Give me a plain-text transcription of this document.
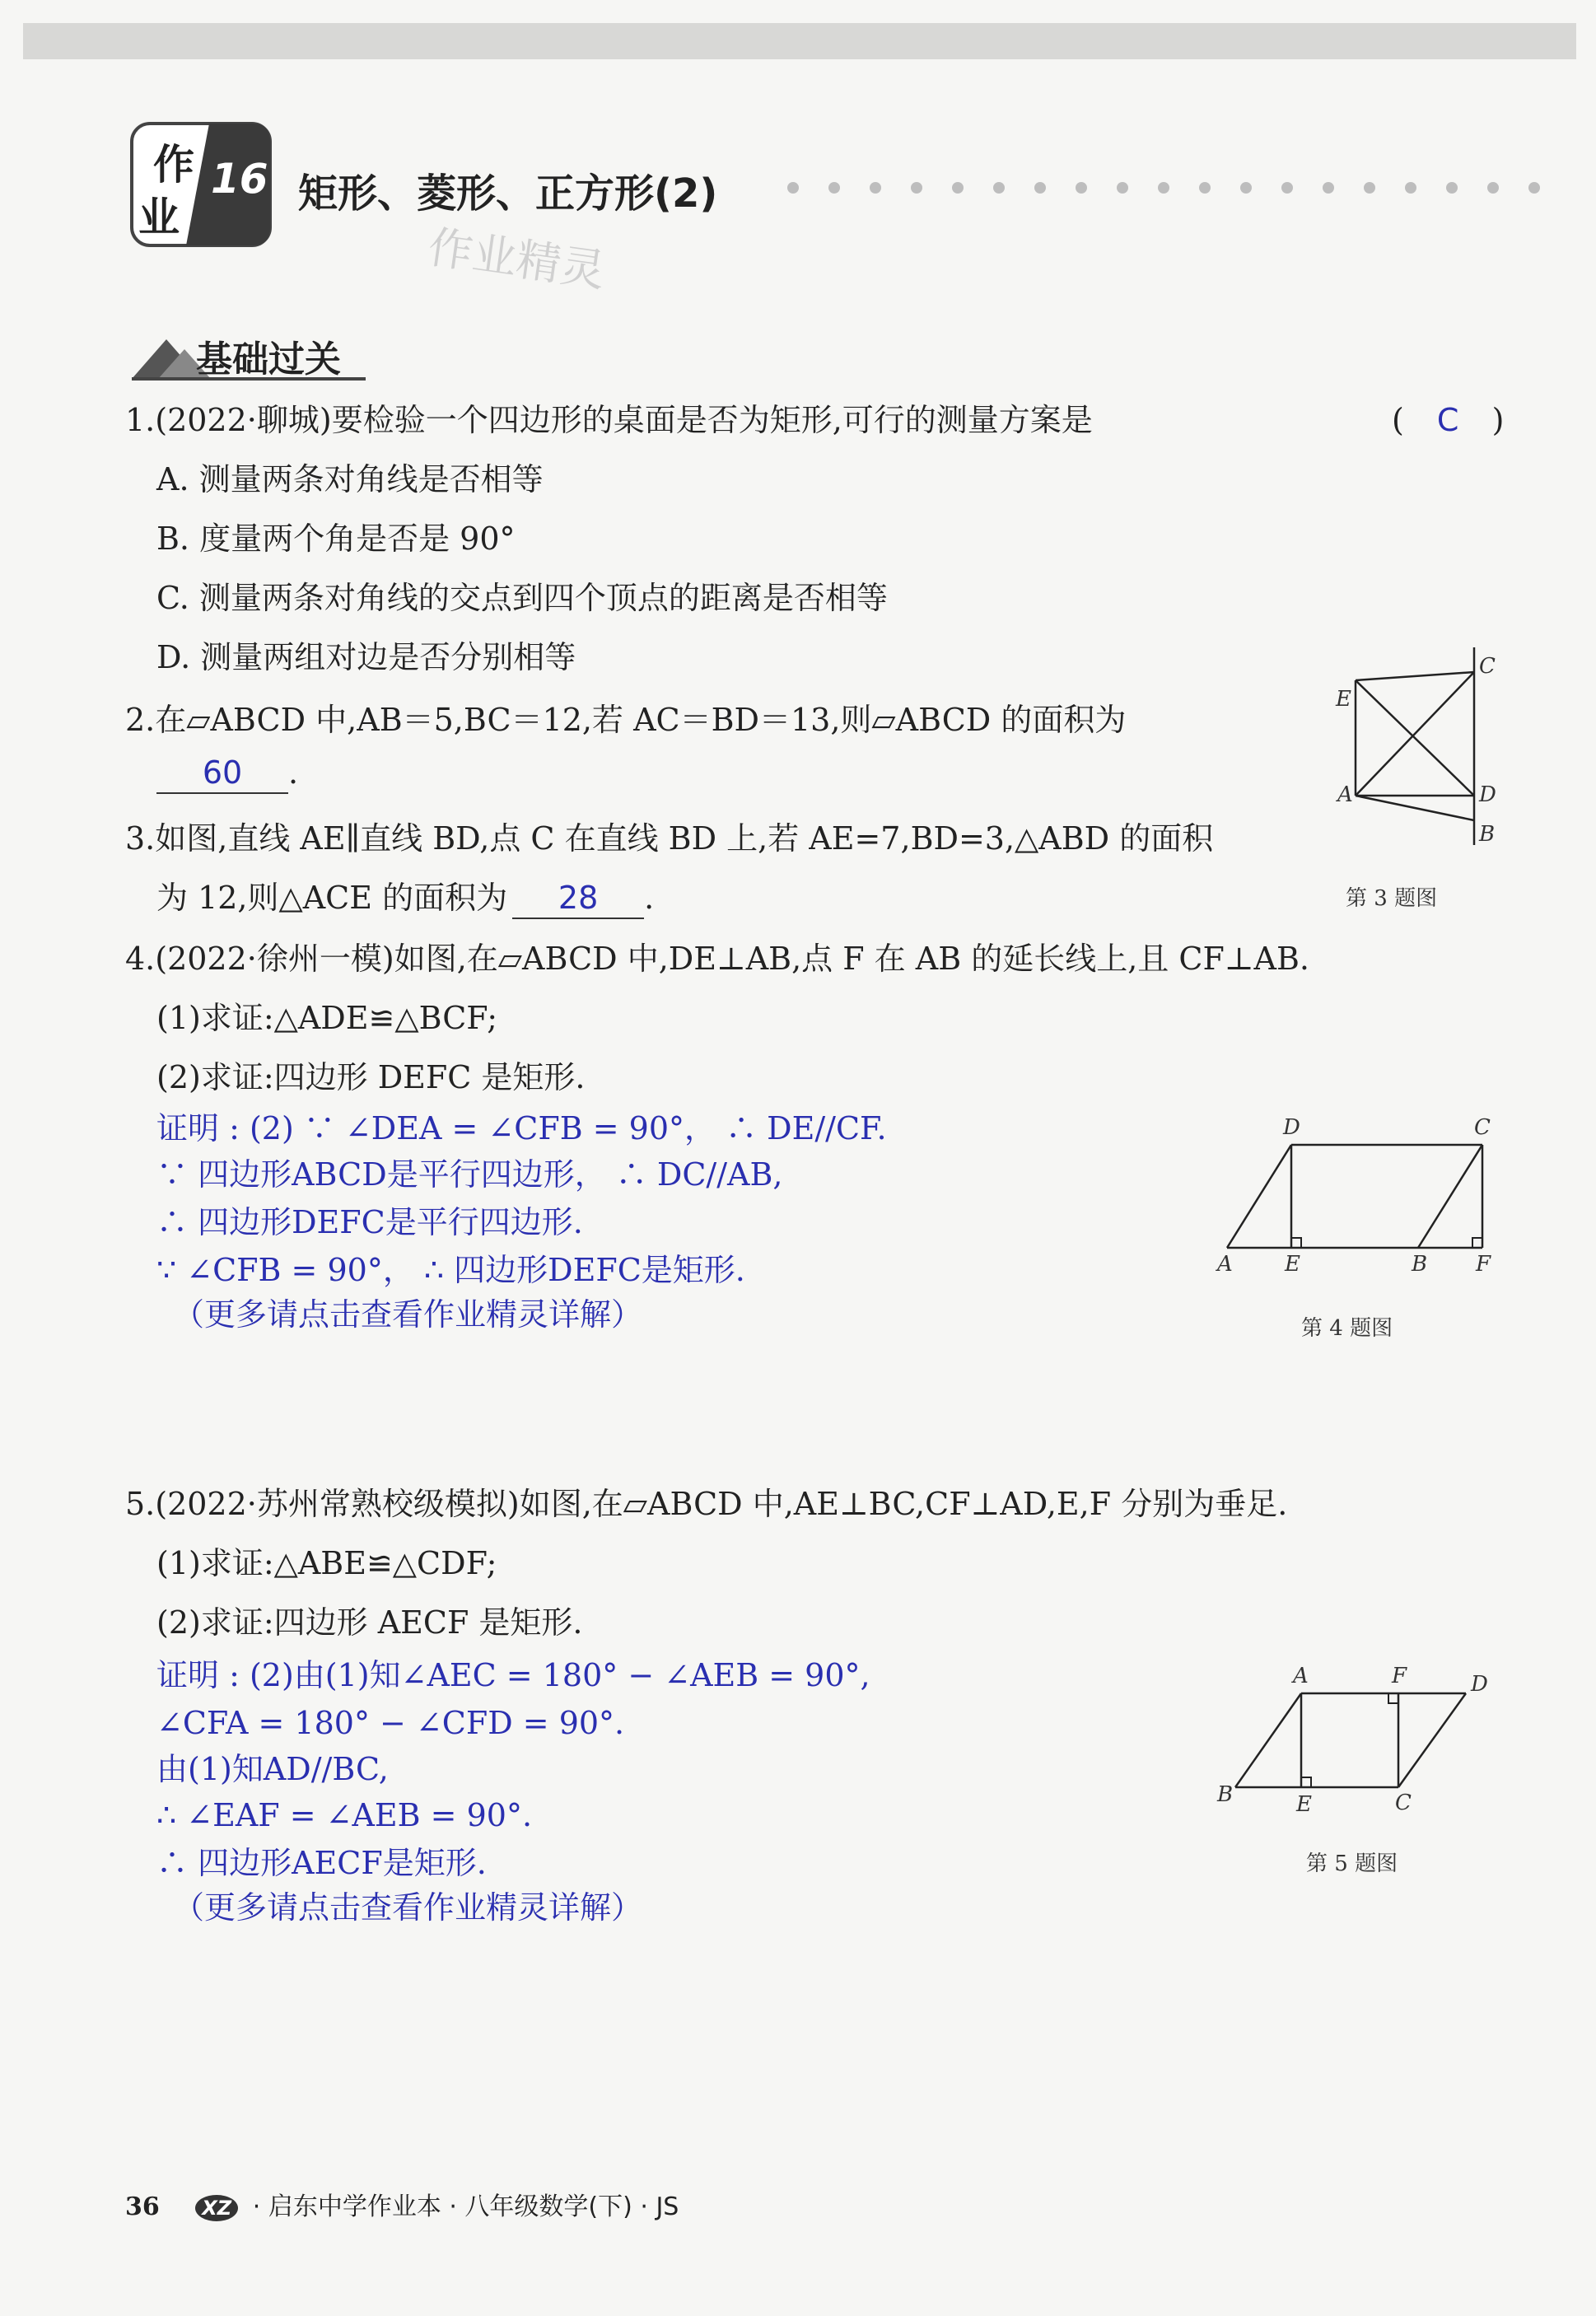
作
业
16 矩形、菱形、正方形(2)
作业精灵
基础过关
1.(2022·聊城)要检验一个四边形的桌面是否为矩形,可行的测量方案是	( C )
A. 测量两条对角线是否相等
B. 度量两个角是否是 90°
C. 测量两条对角线的交点到四个顶点的距离是否相等
D. 测量两组对边是否分别相等
2.在▱ABCD 中,AB＝5,BC＝12,若 AC＝BD＝13,则▱ABCD 的面积为
60 .
3.如图,直线 AE∥直线 BD,点 C 在直线 BD 上,若 AE=7,BD=3,△ABD 的面积
为 12,则△ACE 的面积为 28 .
C
E
A	D
B
第 3 题图
4.(2022·徐州一模)如图,在▱ABCD 中,DE⊥AB,点 F 在 AB 的延长线上,且 CF⊥AB.
(1)求证:△ADE≌△BCF;
(2)求证:四边形 DEFC 是矩形.
证明 : (2) ∵ ∠DEA = ∠CFB = 90°， ∴ DE//CF.
∵ 四边形ABCD是平行四边形， ∴ DC//AB,
∴ 四边形DEFC是平行四边形.
∵ ∠CFB = 90°， ∴ 四边形DEFC是矩形.
（更多请点击查看作业精灵详解）
D	C
A E	B F
第 4 题图
5.(2022·苏州常熟校级模拟)如图,在▱ABCD 中,AE⊥BC,CF⊥AD,E,F 分别为垂足.
(1)求证:△ABE≌△CDF;
(2)求证:四边形 AECF 是矩形.
证明 : (2)由(1)知∠AEC = 180° − ∠AEB = 90°,
∠CFA = 180° − ∠CFD = 90°.
由(1)知AD//BC,
∴ ∠EAF = ∠AEB = 90°.
∴ 四边形AECF是矩形.
（更多请点击查看作业精灵详解）
A	F	D
B	E	C
第 5 题图
36 XZ · 启东中学作业本 · 八年级数学(下) · JS
